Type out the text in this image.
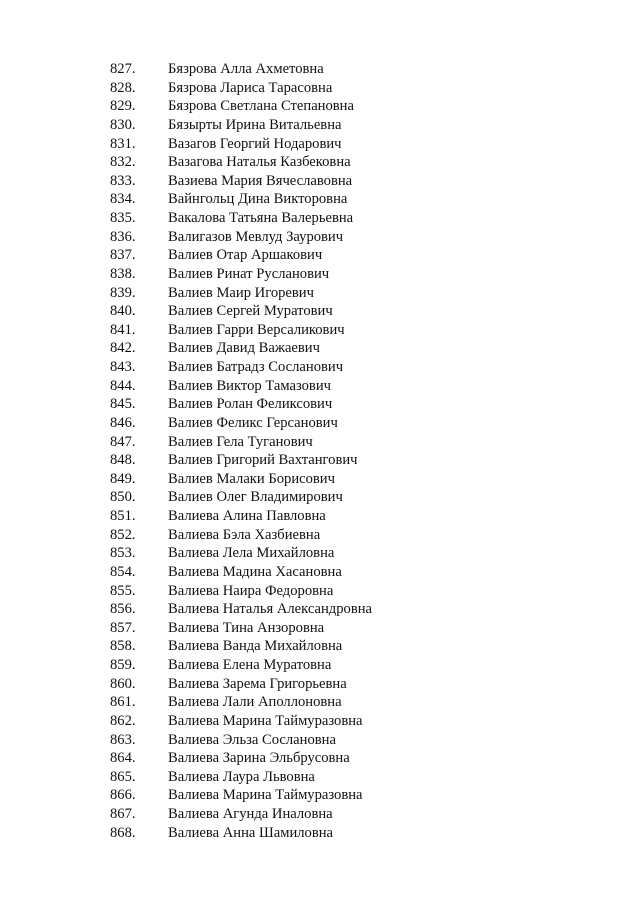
827.	Бязрова Алла Ахметовна
828.	Бязрова Лариса Тарасовна
829.	Бязрова Светлана Степановна
830.	Бязырты Ирина Витальевна
831.	Вазагов Георгий Нодарович
832.	Вазагова Наталья Казбековна
833.	Вазиева Мария Вячеславовна
834.	Вайнгольц Дина Викторовна
835.	Вакалова Татьяна Валерьевна
836.	Валигазов Мевлуд Заурович
837.	Валиев Отар Аршакович
838.	Валиев Ринат Русланович
839.	Валиев Маир Игоревич
840.	Валиев Сергей Муратович
841.	Валиев Гарри Версаликович
842.	Валиев Давид Важаевич
843.	Валиев Батрадз Сосланович
844.	Валиев Виктор Тамазович
845.	Валиев Ролан Феликсович
846.	Валиев Феликс Герсанович
847.	Валиев Гела Туганович
848.	Валиев Григорий Вахтангович
849.	Валиев Малаки Борисович
850.	Валиев Олег Владимирович
851.	Валиева Алина Павловна
852.	Валиева Бэла Хазбиевна
853.	Валиева Лела Михайловна
854.	Валиева Мадина Хасановна
855.	Валиева Наира Федоровна
856.	Валиева Наталья Александровна
857.	Валиева Тина Анзоровна
858.	Валиева Ванда Михайловна
859.	Валиева Елена Муратовна
860.	Валиева Зарема Григорьевна
861.	Валиева Лали Аполлоновна
862.	Валиева Марина Таймуразовна
863.	Валиева Эльза Сослановна
864.	Валиева Зарина Эльбрусовна
865.	Валиева Лаура Львовна
866.	Валиева Марина Таймуразовна
867.	Валиева Агунда Иналовна
868.	Валиева Анна Шамиловна
